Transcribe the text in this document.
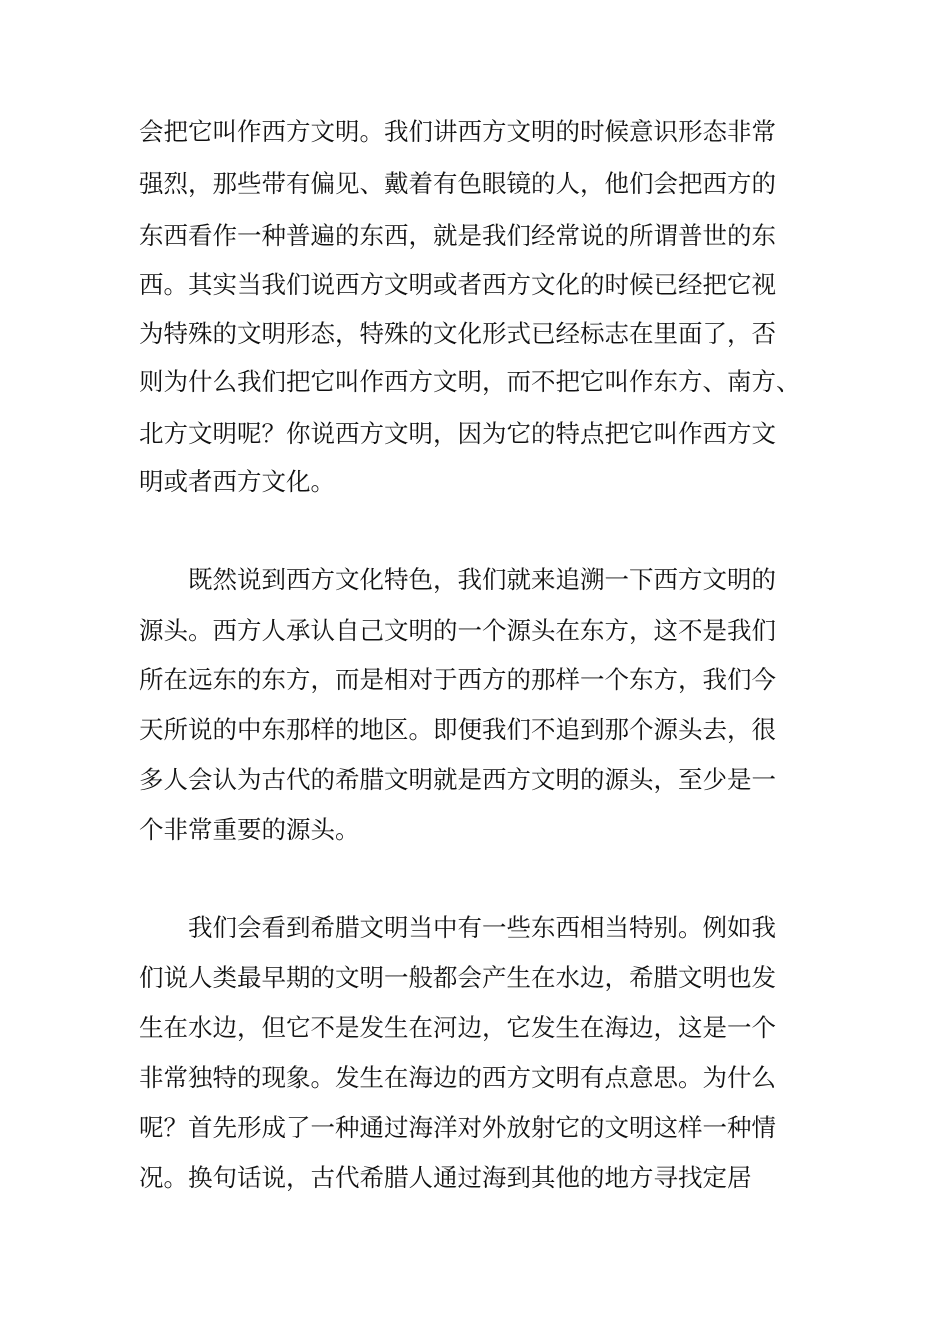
会把它叫作西方文明。我们讲西方文明的时候意识形态非常

强烈，那些带有偏见、戴着有色眼镜的人，他们会把西方的

东西看作一种普遍的东西，就是我们经常说的所谓普世的东

西。其实当我们说西方文明或者西方文化的时候已经把它视

为特殊的文明形态，特殊的文化形式已经标志在里面了，否

则为什么我们把它叫作西方文明，而不把它叫作东方、南方、

北方文明呢？你说西方文明，因为它的特点把它叫作西方文

明或者西方文化。

既然说到西方文化特色，我们就来追溯一下西方文明的

源头。西方人承认自己文明的一个源头在东方，这不是我们

所在远东的东方，而是相对于西方的那样一个东方，我们今

天所说的中东那样的地区。即便我们不追到那个源头去，很

多人会认为古代的希腊文明就是西方文明的源头，至少是一

个非常重要的源头。

我们会看到希腊文明当中有一些东西相当特别。例如我

们说人类最早期的文明一般都会产生在水边，希腊文明也发

生在水边，但它不是发生在河边，它发生在海边，这是一个

非常独特的现象。发生在海边的西方文明有点意思。为什么

呢？首先形成了一种通过海洋对外放射它的文明这样一种情

况。换句话说，古代希腊人通过海到其他的地方寻找定居
